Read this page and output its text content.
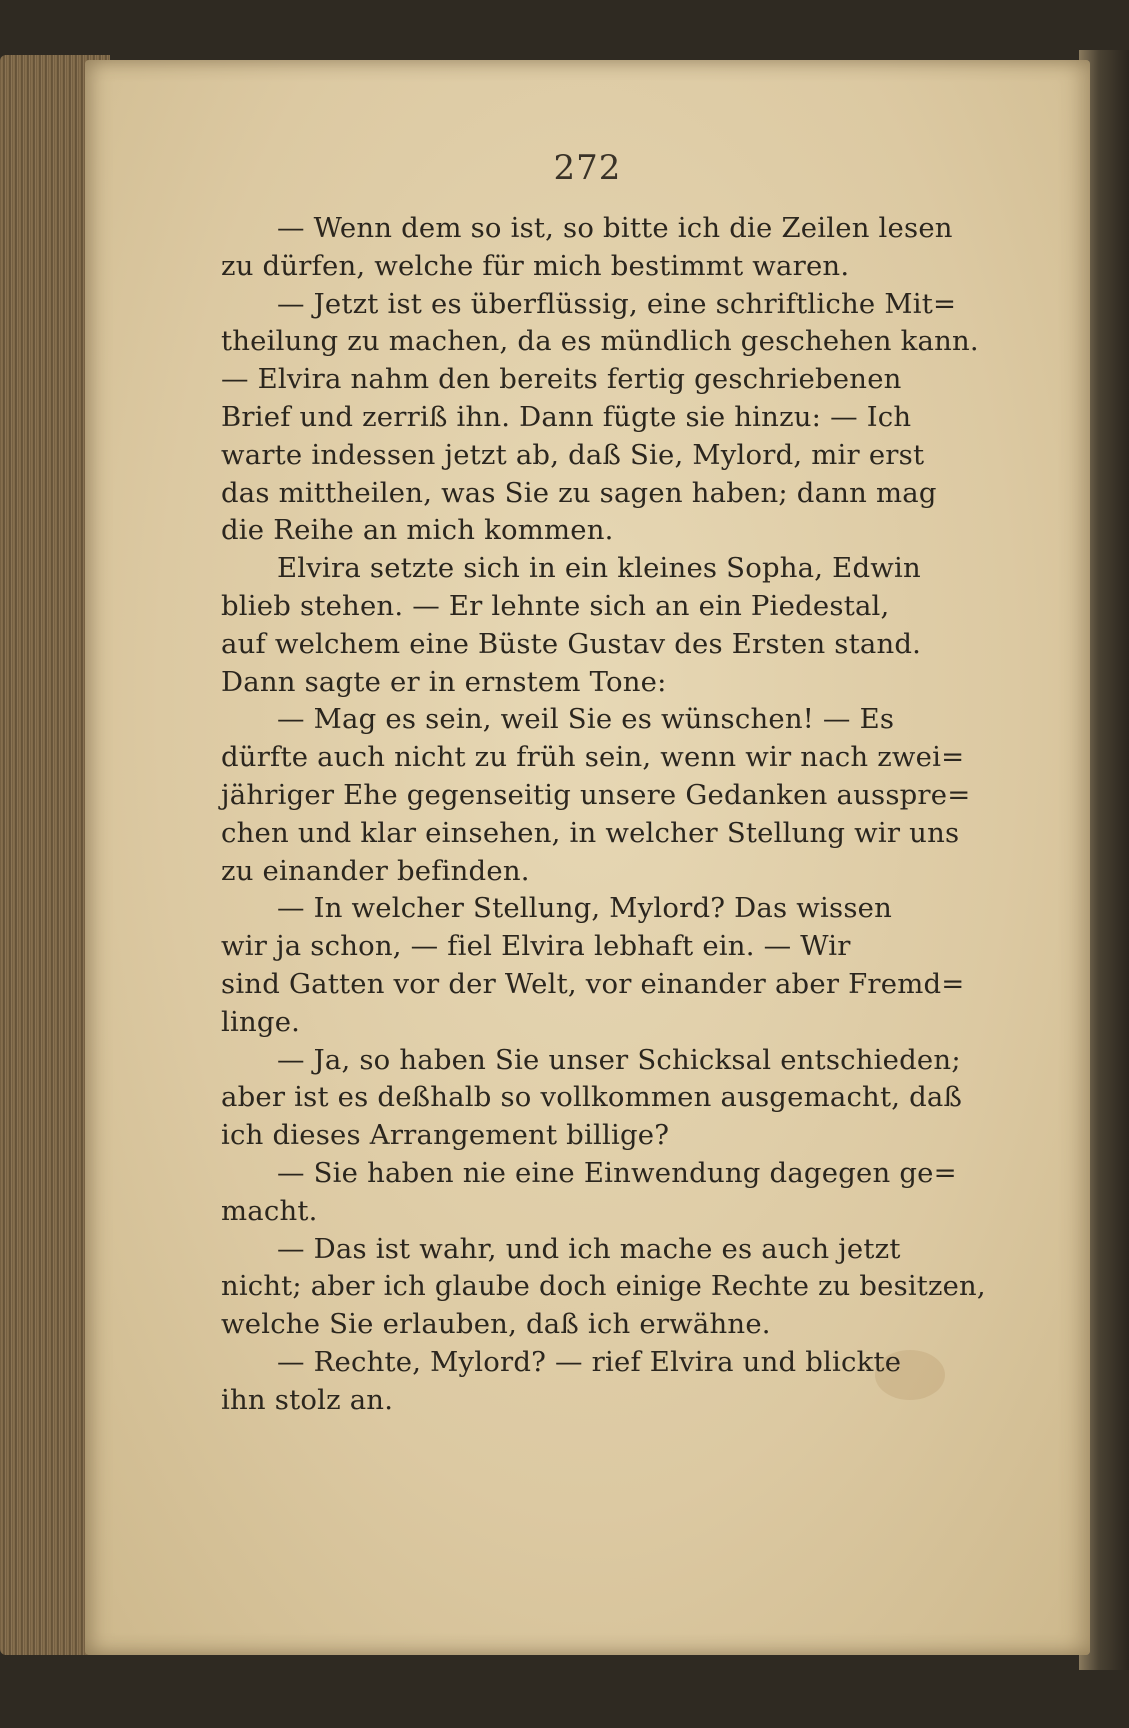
272
— Wenn dem so ist, so bitte ich die Zeilen lesen
zu dürfen, welche für mich bestimmt waren.
— Jetzt ist es überflüssig, eine schriftliche Mit=
theilung zu machen, da es mündlich geschehen kann.
— Elvira nahm den bereits fertig geschriebenen
Brief und zerriß ihn. Dann fügte sie hinzu: — Ich
warte indessen jetzt ab, daß Sie, Mylord, mir erst
das mittheilen, was Sie zu sagen haben; dann mag
die Reihe an mich kommen.
Elvira setzte sich in ein kleines Sopha, Edwin
blieb stehen. — Er lehnte sich an ein Piedestal,
auf welchem eine Büste Gustav des Ersten stand.
Dann sagte er in ernstem Tone:
— Mag es sein, weil Sie es wünschen! — Es
dürfte auch nicht zu früh sein, wenn wir nach zwei=
jähriger Ehe gegenseitig unsere Gedanken ausspre=
chen und klar einsehen, in welcher Stellung wir uns
zu einander befinden.
— In welcher Stellung, Mylord? Das wissen
wir ja schon, — fiel Elvira lebhaft ein. — Wir
sind Gatten vor der Welt, vor einander aber Fremd=
linge.
— Ja, so haben Sie unser Schicksal entschieden;
aber ist es deßhalb so vollkommen ausgemacht, daß
ich dieses Arrangement billige?
— Sie haben nie eine Einwendung dagegen ge=
macht.
— Das ist wahr, und ich mache es auch jetzt
nicht; aber ich glaube doch einige Rechte zu besitzen,
welche Sie erlauben, daß ich erwähne.
— Rechte, Mylord? — rief Elvira und blickte
ihn stolz an.
